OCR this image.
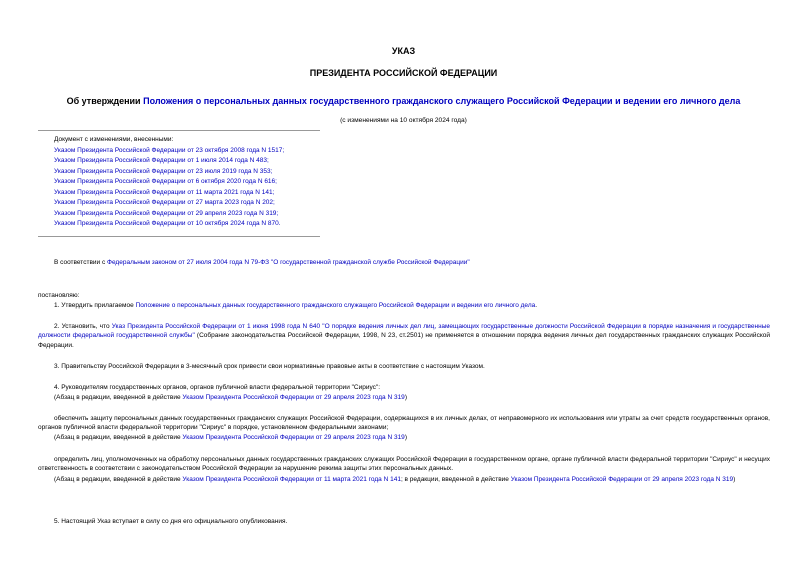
УКАЗ
ПРЕЗИДЕНТА РОССИЙСКОЙ ФЕДЕРАЦИИ
Об утверждении Положения о персональных данных государственного гражданского служащего Российской Федерации и ведении его личного дела
(с изменениями на 10 октября 2024 года)
Документ с изменениями, внесенными:
Указом Президента Российской Федерации от 23 октября 2008 года N 1517;
Указом Президента Российской Федерации от 1 июля 2014 года N 483;
Указом Президента Российской Федерации от 23 июля 2019 года N 353;
Указом Президента Российской Федерации от 6 октября 2020 года N 616;
Указом Президента Российской Федерации от 11 марта 2021 года N 141;
Указом Президента Российской Федерации от 27 марта 2023 года N 202;
Указом Президента Российской Федерации от 29 апреля 2023 года N 319;
Указом Президента Российской Федерации от 10 октября 2024 года N 870.
В соответствии с Федеральным законом от 27 июля 2004 года N 79-ФЗ "О государственной гражданской службе Российской Федерации"
постановляю:
1. Утвердить прилагаемое Положение о персональных данных государственного гражданского служащего Российской Федерации и ведении его личного дела.
2. Установить, что Указ Президента Российской Федерации от 1 июня 1998 года N 640 "О порядке ведения личных дел лиц, замещающих государственные должности Российской Федерации в порядке назначения и государственные должности федеральной государственной службы" (Собрание законодательства Российской Федерации, 1998, N 23, ст.2501) не применяется в отношении порядка ведения личных дел государственных гражданских служащих Российской Федерации.
3. Правительству Российской Федерации в 3-месячный срок привести свои нормативные правовые акты в соответствие с настоящим Указом.
4. Руководителям государственных органов, органов публичной власти федеральной территории "Сириус":
(Абзац в редакции, введенной в действие Указом Президента Российской Федерации от 29 апреля 2023 года N 319)
обеспечить защиту персональных данных государственных гражданских служащих Российской Федерации, содержащихся в их личных делах, от неправомерного их использования или утраты за счет средств государственных органов, органов публичной власти федеральной территории "Сириус" в порядке, установленном федеральными законами;
(Абзац в редакции, введенной в действие Указом Президента Российской Федерации от 29 апреля 2023 года N 319)
определить лиц, уполномоченных на обработку персональных данных государственных гражданских служащих Российской Федерации в государственном органе, органе публичной власти федеральной территории "Сириус" и несущих ответственность в соответствии с законодательством Российской Федерации за нарушение режима защиты этих персональных данных.
(Абзац в редакции, введенной в действие Указом Президента Российской Федерации от 11 марта 2021 года N 141; в редакции, введенной в действие Указом Президента Российской Федерации от 29 апреля 2023 года N 319)
5. Настоящий Указ вступает в силу со дня его официального опубликования.
